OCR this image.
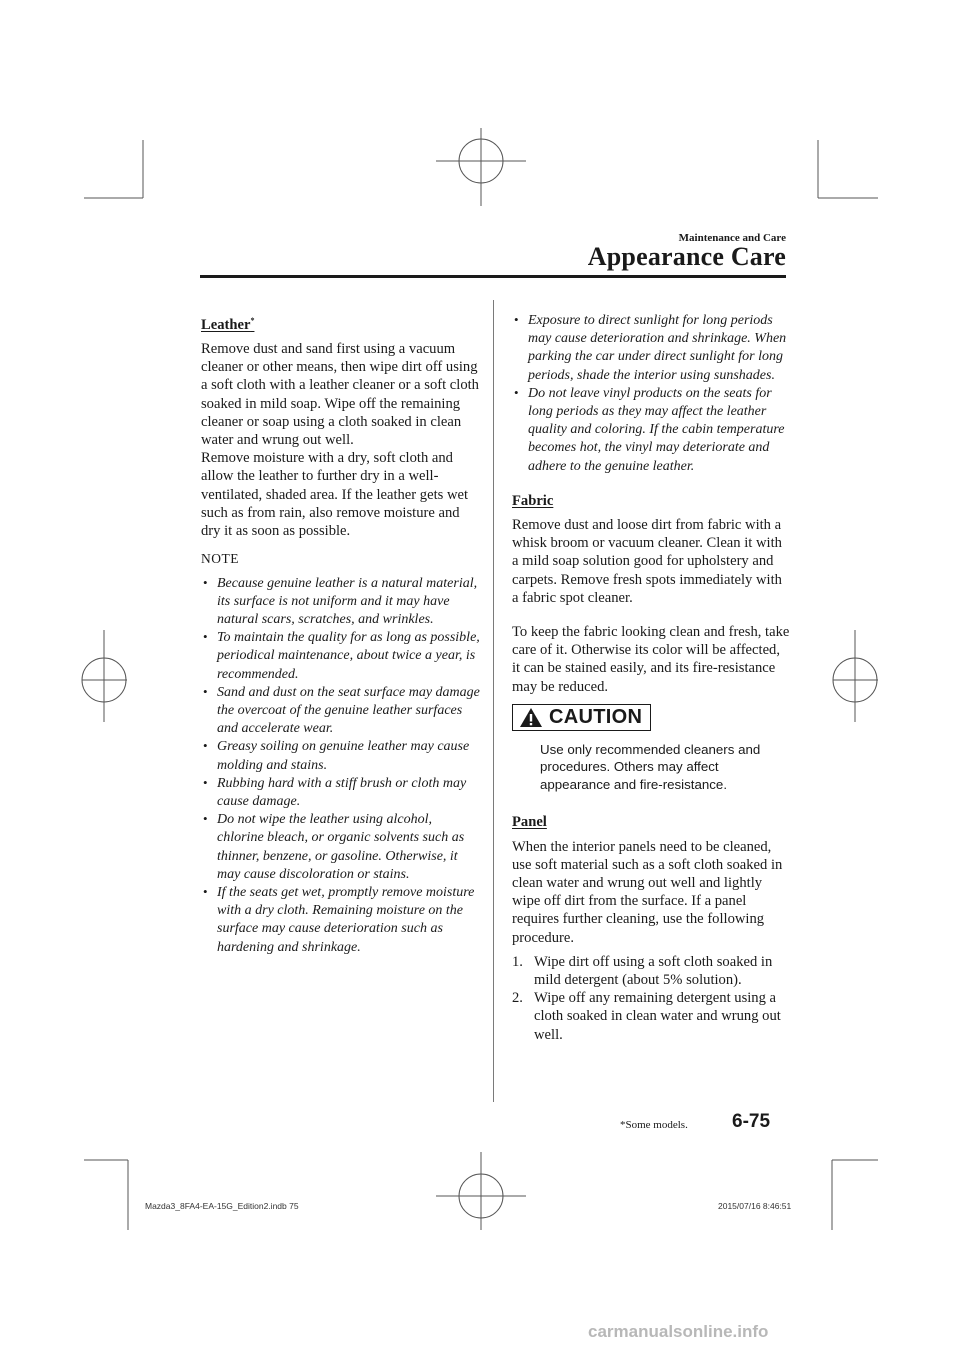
Maintenance and Care
Appearance Care
Leather*

Remove dust and sand first using a vacuum cleaner or other means, then wipe dirt off using a soft cloth with a leather cleaner or a soft cloth soaked in mild soap. Wipe off the remaining cleaner or soap using a cloth soaked in clean water and wrung out well.

Remove moisture with a dry, soft cloth and allow the leather to further dry in a well-ventilated, shaded area. If the leather gets wet such as from rain, also remove moisture and dry it as soon as possible.

NOTE
• Because genuine leather is a natural material, its surface is not uniform and it may have natural scars, scratches, and wrinkles.
• To maintain the quality for as long as possible, periodical maintenance, about twice a year, is recommended.
• Sand and dust on the seat surface may damage the overcoat of the genuine leather surfaces and accelerate wear.
• Greasy soiling on genuine leather may cause molding and stains.
• Rubbing hard with a stiff brush or cloth may cause damage.
• Do not wipe the leather using alcohol, chlorine bleach, or organic solvents such as thinner, benzene, or gasoline. Otherwise, it may cause discoloration or stains.
• If the seats get wet, promptly remove moisture with a dry cloth. Remaining moisture on the surface may cause deterioration such as hardening and shrinkage.
• Exposure to direct sunlight for long periods may cause deterioration and shrinkage. When parking the car under direct sunlight for long periods, shade the interior using sunshades.
• Do not leave vinyl products on the seats for long periods as they may affect the leather quality and coloring. If the cabin temperature becomes hot, the vinyl may deteriorate and adhere to the genuine leather.
Fabric

Remove dust and loose dirt from fabric with a whisk broom or vacuum cleaner. Clean it with a mild soap solution good for upholstery and carpets. Remove fresh spots immediately with a fabric spot cleaner.

To keep the fabric looking clean and fresh, take care of it. Otherwise its color will be affected, it can be stained easily, and its fire-resistance may be reduced.

CAUTION

Use only recommended cleaners and procedures. Others may affect appearance and fire-resistance.

Panel

When the interior panels need to be cleaned, use soft material such as a soft cloth soaked in clean water and wrung out well and lightly wipe off dirt from the surface. If a panel requires further cleaning, use the following procedure.

1. Wipe dirt off using a soft cloth soaked in mild detergent (about 5% solution).
2. Wipe off any remaining detergent using a cloth soaked in clean water and wrung out well.
*Some models. 6-75
Mazda3_8FA4-EA-15G_Edition2.indb 75	2015/07/16 8:46:51
carmanualsonline.info
